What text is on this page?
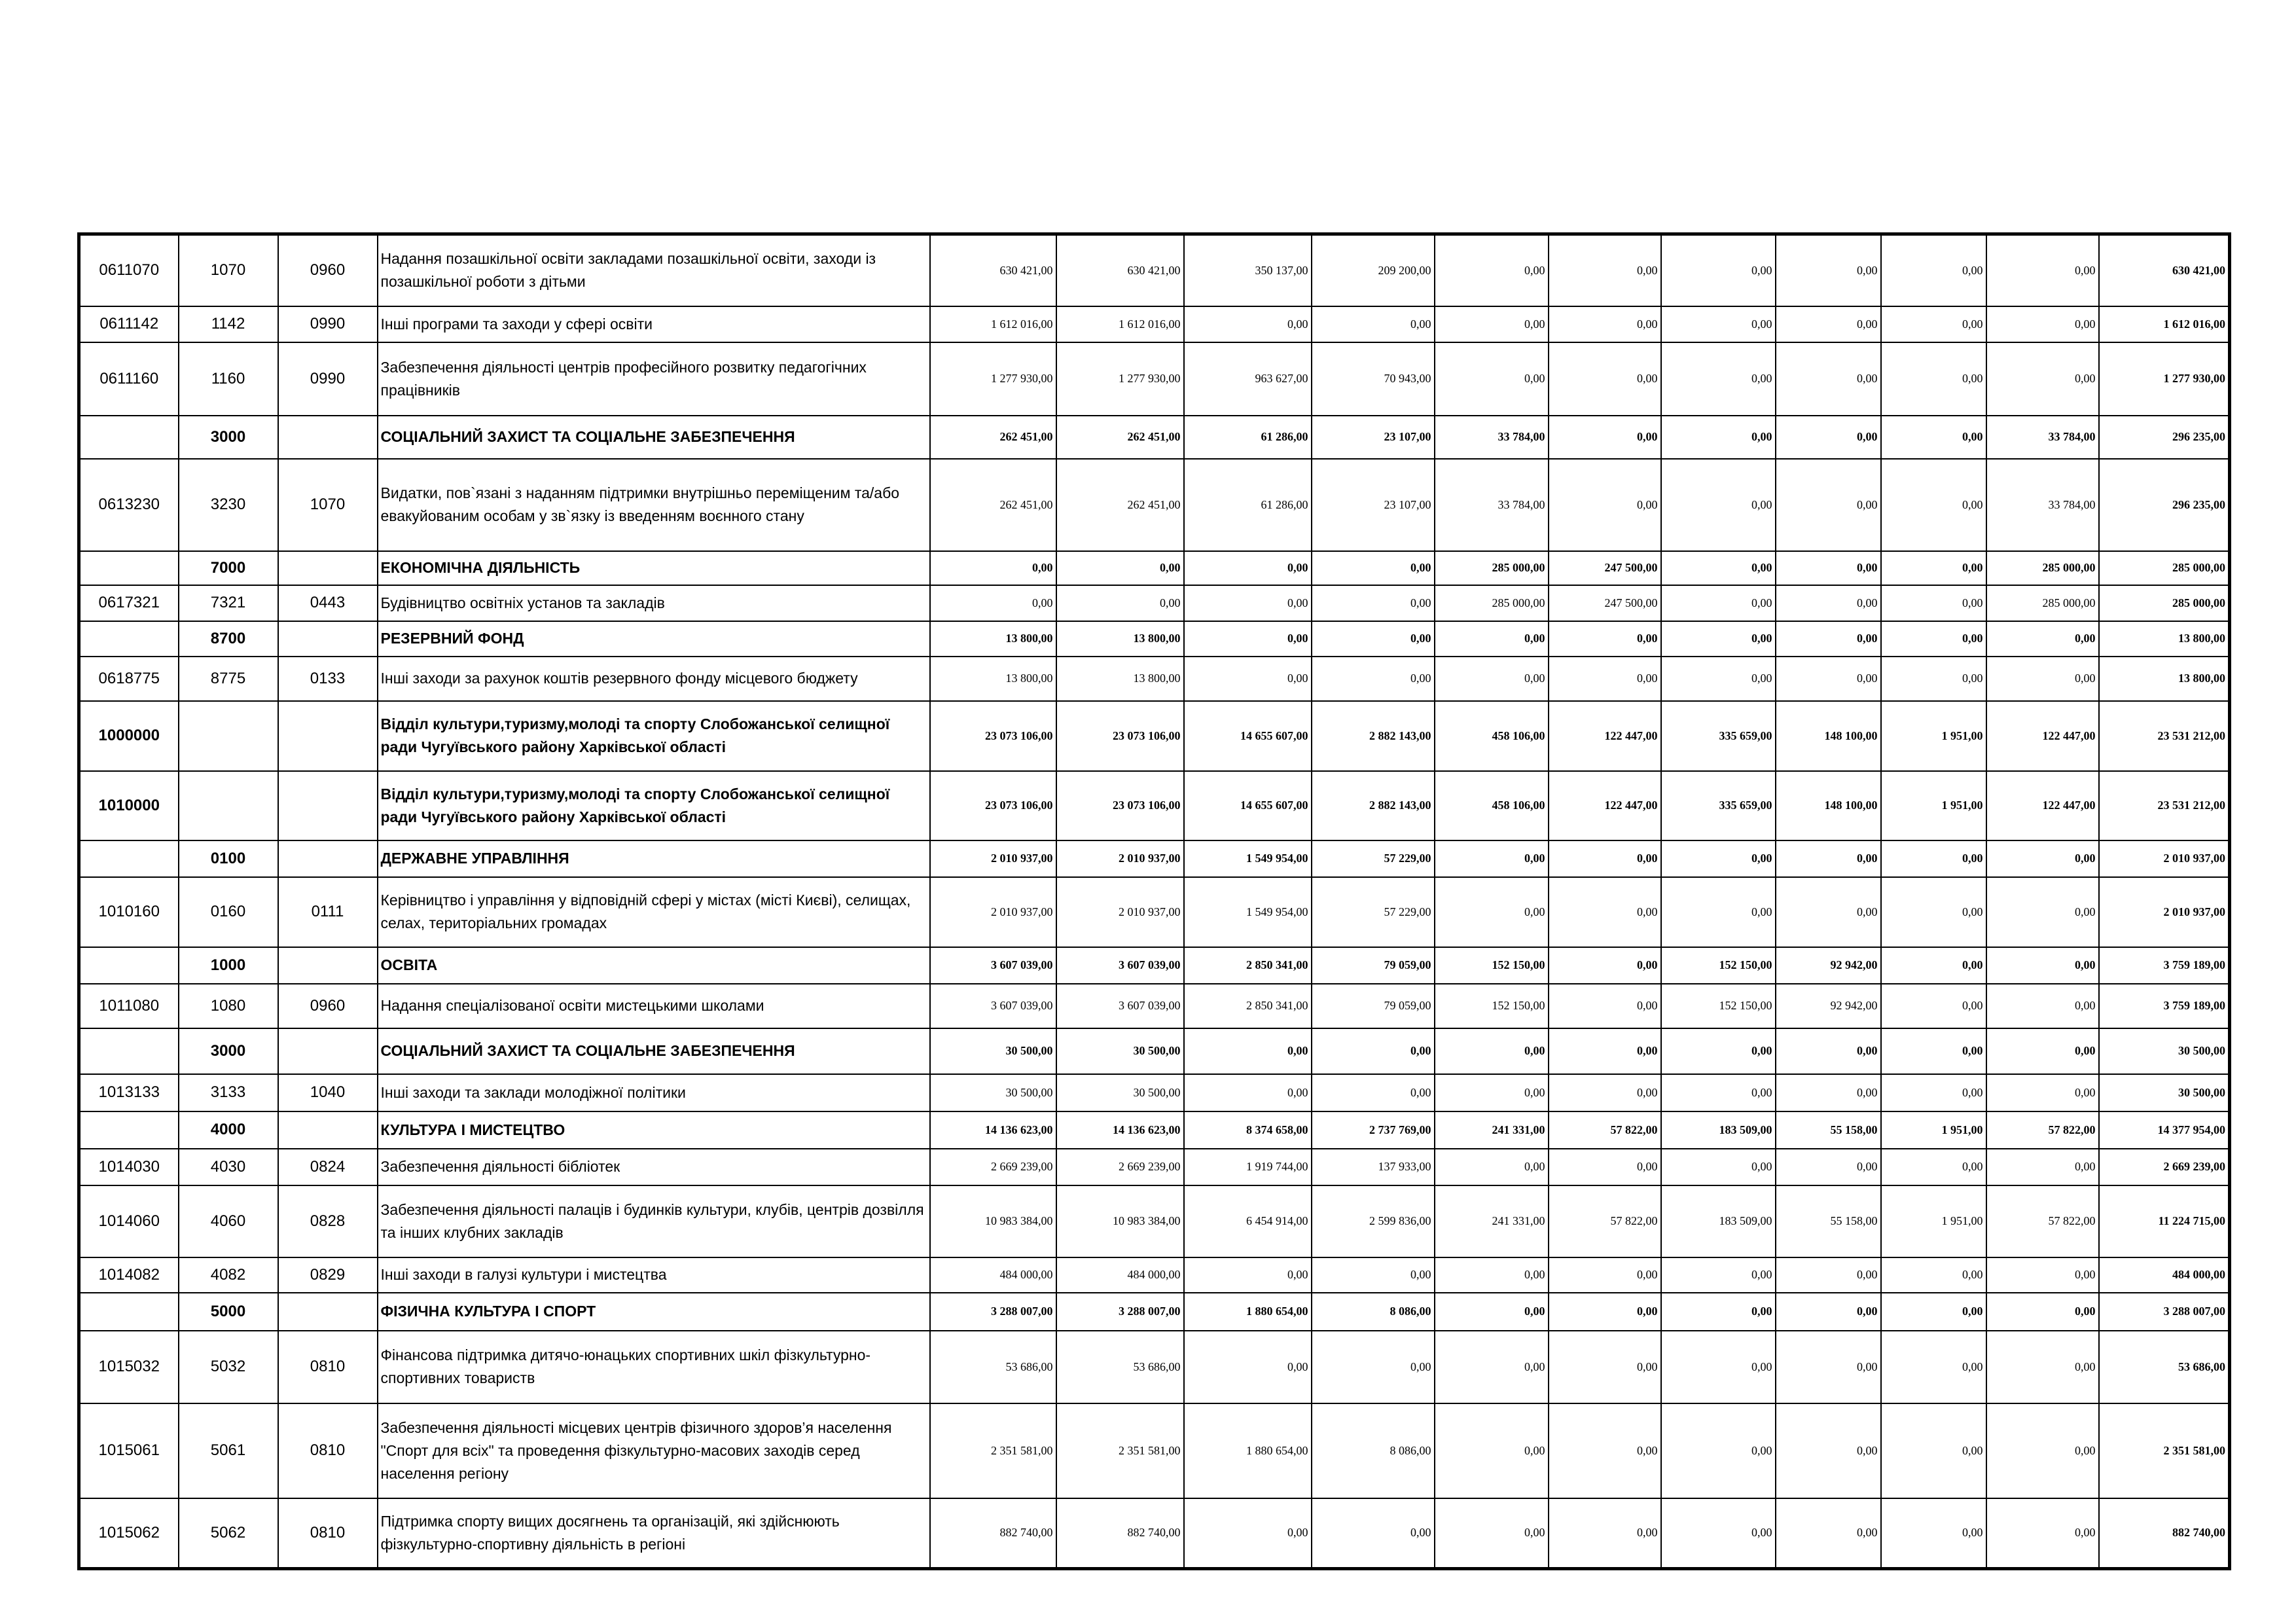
0611070	1070	0960	Надання позашкільної освіти закладами позашкільної освіти, заходи із позашкільної роботи з дітьми	630 421,00	630 421,00	350 137,00	209 200,00	0,00	0,00	0,00	0,00	0,00	0,00	630 421,00
0611142	1142	0990	Інші програми та заходи у сфері освіти	1 612 016,00	1 612 016,00	0,00	0,00	0,00	0,00	0,00	0,00	0,00	0,00	1 612 016,00
0611160	1160	0990	Забезпечення діяльності центрів професійного розвитку педагогічних працівників	1 277 930,00	1 277 930,00	963 627,00	70 943,00	0,00	0,00	0,00	0,00	0,00	0,00	1 277 930,00
	3000		СОЦІАЛЬНИЙ ЗАХИСТ ТА СОЦІАЛЬНЕ ЗАБЕЗПЕЧЕННЯ	262 451,00	262 451,00	61 286,00	23 107,00	33 784,00	0,00	0,00	0,00	0,00	33 784,00	296 235,00
0613230	3230	1070	Видатки, пов`язані з наданням підтримки внутрішньо переміщеним та/або евакуйованим особам у зв`язку із введенням воєнного стану	262 451,00	262 451,00	61 286,00	23 107,00	33 784,00	0,00	0,00	0,00	0,00	33 784,00	296 235,00
	7000		ЕКОНОМІЧНА ДІЯЛЬНІСТЬ	0,00	0,00	0,00	0,00	285 000,00	247 500,00	0,00	0,00	0,00	285 000,00	285 000,00
0617321	7321	0443	Будівництво освітніх установ та закладів	0,00	0,00	0,00	0,00	285 000,00	247 500,00	0,00	0,00	0,00	285 000,00	285 000,00
	8700		РЕЗЕРВНИЙ ФОНД	13 800,00	13 800,00	0,00	0,00	0,00	0,00	0,00	0,00	0,00	0,00	13 800,00
0618775	8775	0133	Інші заходи за рахунок коштів резервного фонду місцевого бюджету	13 800,00	13 800,00	0,00	0,00	0,00	0,00	0,00	0,00	0,00	0,00	13 800,00
1000000			Відділ культури,туризму,молоді та спорту Слобожанської селищної ради Чугуївського району Харківської області	23 073 106,00	23 073 106,00	14 655 607,00	2 882 143,00	458 106,00	122 447,00	335 659,00	148 100,00	1 951,00	122 447,00	23 531 212,00
1010000			Відділ культури,туризму,молоді та спорту Слобожанської селищної ради Чугуївського району Харківської області	23 073 106,00	23 073 106,00	14 655 607,00	2 882 143,00	458 106,00	122 447,00	335 659,00	148 100,00	1 951,00	122 447,00	23 531 212,00
	0100		ДЕРЖАВНЕ УПРАВЛІННЯ	2 010 937,00	2 010 937,00	1 549 954,00	57 229,00	0,00	0,00	0,00	0,00	0,00	0,00	2 010 937,00
1010160	0160	0111	Керівництво і управління у відповідній сфері у містах (місті Києві), селищах, селах, територіальних громадах	2 010 937,00	2 010 937,00	1 549 954,00	57 229,00	0,00	0,00	0,00	0,00	0,00	0,00	2 010 937,00
	1000		ОСВІТА	3 607 039,00	3 607 039,00	2 850 341,00	79 059,00	152 150,00	0,00	152 150,00	92 942,00	0,00	0,00	3 759 189,00
1011080	1080	0960	Надання спеціалізованої освіти мистецькими школами	3 607 039,00	3 607 039,00	2 850 341,00	79 059,00	152 150,00	0,00	152 150,00	92 942,00	0,00	0,00	3 759 189,00
	3000		СОЦІАЛЬНИЙ ЗАХИСТ ТА СОЦІАЛЬНЕ ЗАБЕЗПЕЧЕННЯ	30 500,00	30 500,00	0,00	0,00	0,00	0,00	0,00	0,00	0,00	0,00	30 500,00
1013133	3133	1040	Інші заходи та заклади молодіжної політики	30 500,00	30 500,00	0,00	0,00	0,00	0,00	0,00	0,00	0,00	0,00	30 500,00
	4000		КУЛЬТУРА І МИСТЕЦТВО	14 136 623,00	14 136 623,00	8 374 658,00	2 737 769,00	241 331,00	57 822,00	183 509,00	55 158,00	1 951,00	57 822,00	14 377 954,00
1014030	4030	0824	Забезпечення діяльності бібліотек	2 669 239,00	2 669 239,00	1 919 744,00	137 933,00	0,00	0,00	0,00	0,00	0,00	0,00	2 669 239,00
1014060	4060	0828	Забезпечення діяльності палаців i будинків культури, клубів, центрів дозвілля та iнших клубних закладів	10 983 384,00	10 983 384,00	6 454 914,00	2 599 836,00	241 331,00	57 822,00	183 509,00	55 158,00	1 951,00	57 822,00	11 224 715,00
1014082	4082	0829	Інші заходи в галузі культури і мистецтва	484 000,00	484 000,00	0,00	0,00	0,00	0,00	0,00	0,00	0,00	0,00	484 000,00
	5000		ФІЗИЧНА КУЛЬТУРА І СПОРТ	3 288 007,00	3 288 007,00	1 880 654,00	8 086,00	0,00	0,00	0,00	0,00	0,00	0,00	3 288 007,00
1015032	5032	0810	Фінансова підтримка дитячо-юнацьких спортивних шкіл фізкультурно-спортивних товариств	53 686,00	53 686,00	0,00	0,00	0,00	0,00	0,00	0,00	0,00	0,00	53 686,00
1015061	5061	0810	Забезпечення діяльності місцевих центрів фізичного здоров’я населення "Спорт для всіх" та проведення фізкультурно-масових заходів серед населення регіону	2 351 581,00	2 351 581,00	1 880 654,00	8 086,00	0,00	0,00	0,00	0,00	0,00	0,00	2 351 581,00
1015062	5062	0810	Підтримка спорту вищих досягнень та організацій, які здійснюють фізкультурно-спортивну діяльність в регіоні	882 740,00	882 740,00	0,00	0,00	0,00	0,00	0,00	0,00	0,00	0,00	882 740,00
